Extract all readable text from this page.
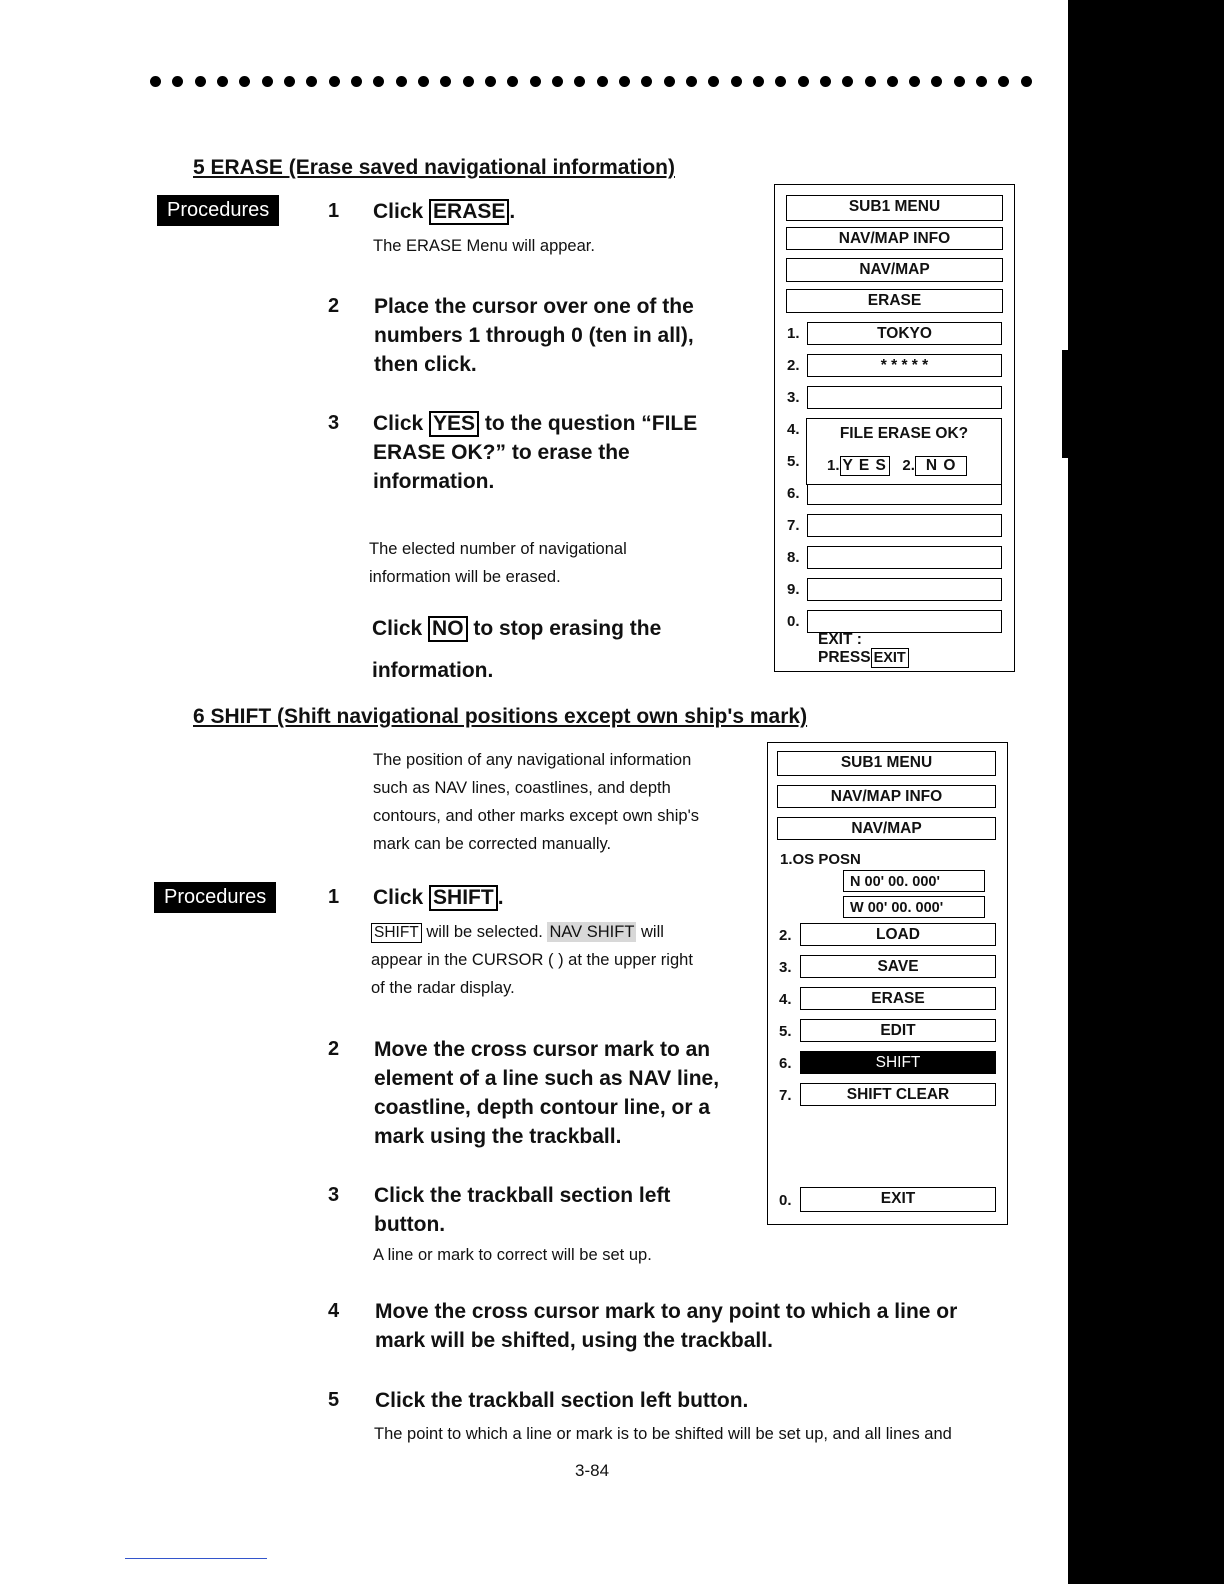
5 ERASE (Erase saved navigational information)
Procedures	1 Click ERASE .
The ERASE Menu will appear.
2 Place the cursor over one of the
numbers 1 through 0 (ten in all),
then click.
3 Click YES to the question “FILE
ERASE OK?” to erase the
information.
The elected number of navigational
information will be erased.
Click NO to stop erasing the
information.
SUB1 MENU
NAV/MAP INFO
NAV/MAP
ERASE
1.	TOKYO
2.	* * * * *
3.
4.
5.
6.
7.
8.
9.
0.
FILE ERASE OK?
1. Y E S 2. N O
EXIT :
PRESS EXIT
6 SHIFT (Shift navigational positions except own ship's mark)
The position of any navigational information
such as NAV lines, coastlines, and depth
contours, and other marks except own ship's
mark can be corrected manually.
Procedures	1 Click SHIFT .
SHIFT will be selected. NAV SHIFT will
appear in the CURSOR ( ) at the upper right
of the radar display.
2 Move the cross cursor mark to an
element of a line such as NAV line,
coastline, depth contour line, or a
mark using the trackball.
3 Click the trackball section left
button.
A line or mark to correct will be set up.
4 Move the cross cursor mark to any point to which a line or
mark will be shifted, using the trackball.
5 Click the trackball section left button.
The point to which a line or mark is to be shifted will be set up, and all lines and
SUB1 MENU
NAV/MAP INFO
NAV/MAP
1.OS POSN
N 00' 00. 000'
W 00' 00. 000'
2.	LOAD
3.	SAVE
4.	ERASE
5.	EDIT
6.	SHIFT
7.	SHIFT CLEAR
0.	EXIT
3-84
